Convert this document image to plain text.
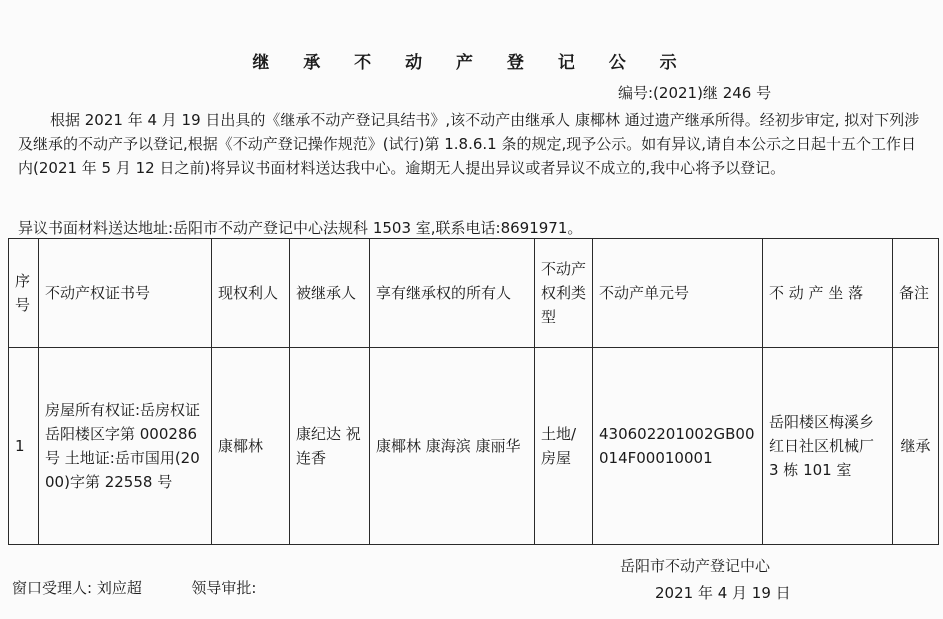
继 承 不 动 产 登 记 公 示
编号:(2021)继 246 号
根据 2021 年 4 月 19 日出具的《继承不动产登记具结书》,该不动产由继承人 康椰林 通过遗产继承所得。经初步审定, 拟对下列涉及继承的不动产予以登记,根据《不动产登记操作规范》(试行)第 1.8.6.1 条的规定,现予公示。如有异议,请自本公示之日起十五个工作日内(2021 年 5 月 12 日之前)将异议书面材料送达我中心。逾期无人提出异议或者异议不成立的,我中心将予以登记。
异议书面材料送达地址:岳阳市不动产登记中心法规科 1503 室,联系电话:8691971。
序号	不动产权证书号	现权利人	被继承人	享有继承权的所有人	不动产权利类型	不动产单元号	不 动 产 坐 落	备注
1	房屋所有权证:岳房权证岳阳楼区字第 000286 号 土地证:岳市国用(2000)字第 22558 号	康椰林	康纪达 祝连香	康椰林 康海滨 康丽华	土地/房屋	430602201002GB00014F00010001	岳阳楼区梅溪乡红日社区机械厂 3 栋 101 室	继承
岳阳市不动产登记中心
2021 年 4 月 19 日
窗口受理人: 刘应超	领导审批:
